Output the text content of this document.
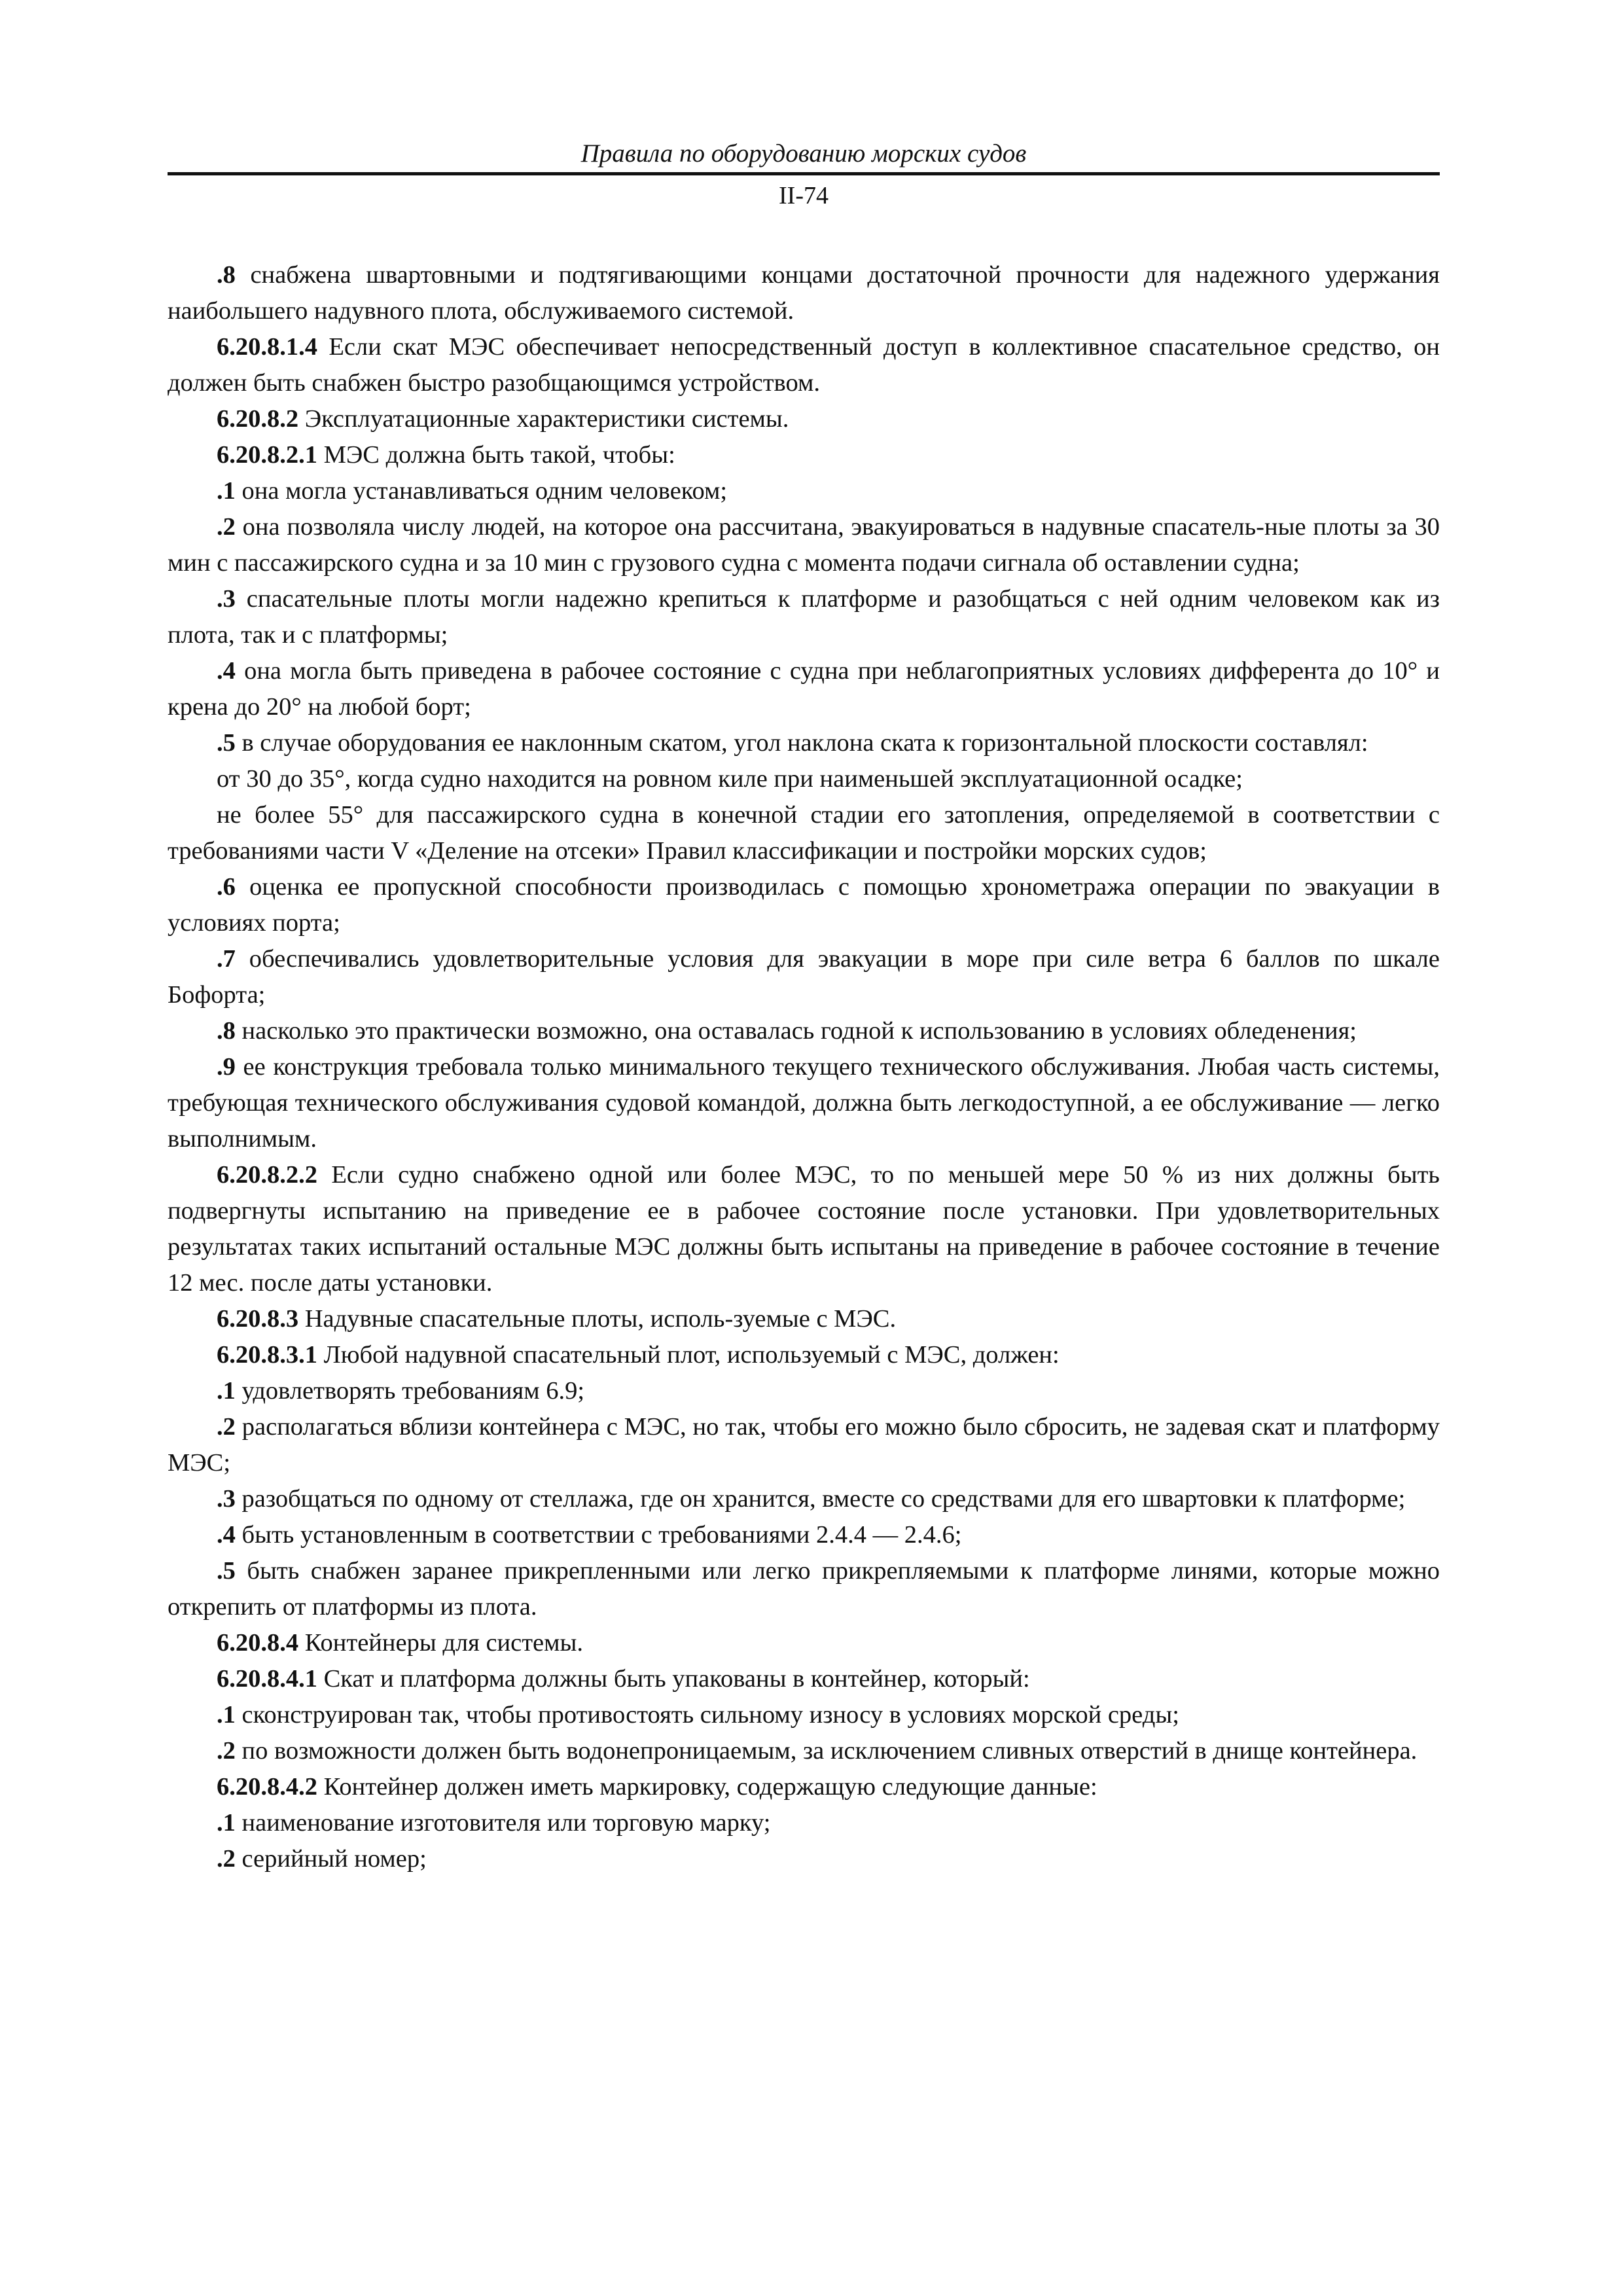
Правила по оборудованию морских судов
II-74

.8 снабжена швартовными и подтягивающими концами достаточной прочности для надежного удержания наибольшего надувного плота, обслуживаемого системой.

6.20.8.1.4 Если скат МЭС обеспечивает непосредственный доступ в коллективное спасательное средство, он должен быть снабжен быстро разобщающимся устройством.

6.20.8.2 Эксплуатационные характеристики системы.

6.20.8.2.1 МЭС должна быть такой, чтобы:

.1 она могла устанавливаться одним человеком;

.2 она позволяла числу людей, на которое она рассчитана, эвакуироваться в надувные спасатель-ные плоты за 30 мин с пассажирского судна и за 10 мин с грузового судна с момента подачи сигнала об оставлении судна;

.3 спасательные плоты могли надежно крепиться к платформе и разобщаться с ней одним человеком как из плота, так и с платформы;

.4 она могла быть приведена в рабочее состояние с судна при неблагоприятных условиях дифферента до 10° и крена до 20° на любой борт;

.5 в случае оборудования ее наклонным скатом, угол наклона ската к горизонтальной плоскости составлял:

от 30 до 35°, когда судно находится на ровном киле при наименьшей эксплуатационной осадке;

не более 55° для пассажирского судна в конечной стадии его затопления, определяемой в соответствии с требованиями части V «Деление на отсеки» Правил классификации и постройки морских судов;

.6 оценка ее пропускной способности производилась с помощью хронометража операции по эвакуации в условиях порта;

.7 обеспечивались удовлетворительные условия для эвакуации в море при силе ветра 6 баллов по шкале Бофорта;

.8 насколько это практически возможно, она оставалась годной к использованию в условиях обледенения;

.9 ее конструкция требовала только минимального текущего технического обслуживания. Любая часть системы, требующая технического обслуживания судовой командой, должна быть легкодоступной, а ее обслуживание — легко выполнимым.

6.20.8.2.2 Если судно снабжено одной или более МЭС, то по меньшей мере 50 % из них должны быть подвергнуты испытанию на приведение ее в рабочее состояние после установки. При удовлетворительных результатах таких испытаний остальные МЭС должны быть испытаны на приведение в рабочее состояние в течение 12 мес. после даты установки.

6.20.8.3 Надувные спасательные плоты, исполь-зуемые с МЭС.

6.20.8.3.1 Любой надувной спасательный плот, используемый с МЭС, должен:

.1 удовлетворять требованиям 6.9;

.2 располагаться вблизи контейнера с МЭС, но так, чтобы его можно было сбросить, не задевая скат и платформу МЭС;

.3 разобщаться по одному от стеллажа, где он хранится, вместе со средствами для его швартовки к платформе;

.4 быть установленным в соответствии с требованиями 2.4.4 — 2.4.6;

.5 быть снабжен заранее прикрепленными или легко прикрепляемыми к платформе линями, которые можно открепить от платформы из плота.

6.20.8.4 Контейнеры для системы.

6.20.8.4.1 Скат и платформа должны быть упакованы в контейнер, который:

.1 сконструирован так, чтобы противостоять сильному износу в условиях морской среды;

.2 по возможности должен быть водонепроницаемым, за исключением сливных отверстий в днище контейнера.

6.20.8.4.2 Контейнер должен иметь маркировку, содержащую следующие данные:

.1 наименование изготовителя или торговую марку;

.2 серийный номер;
